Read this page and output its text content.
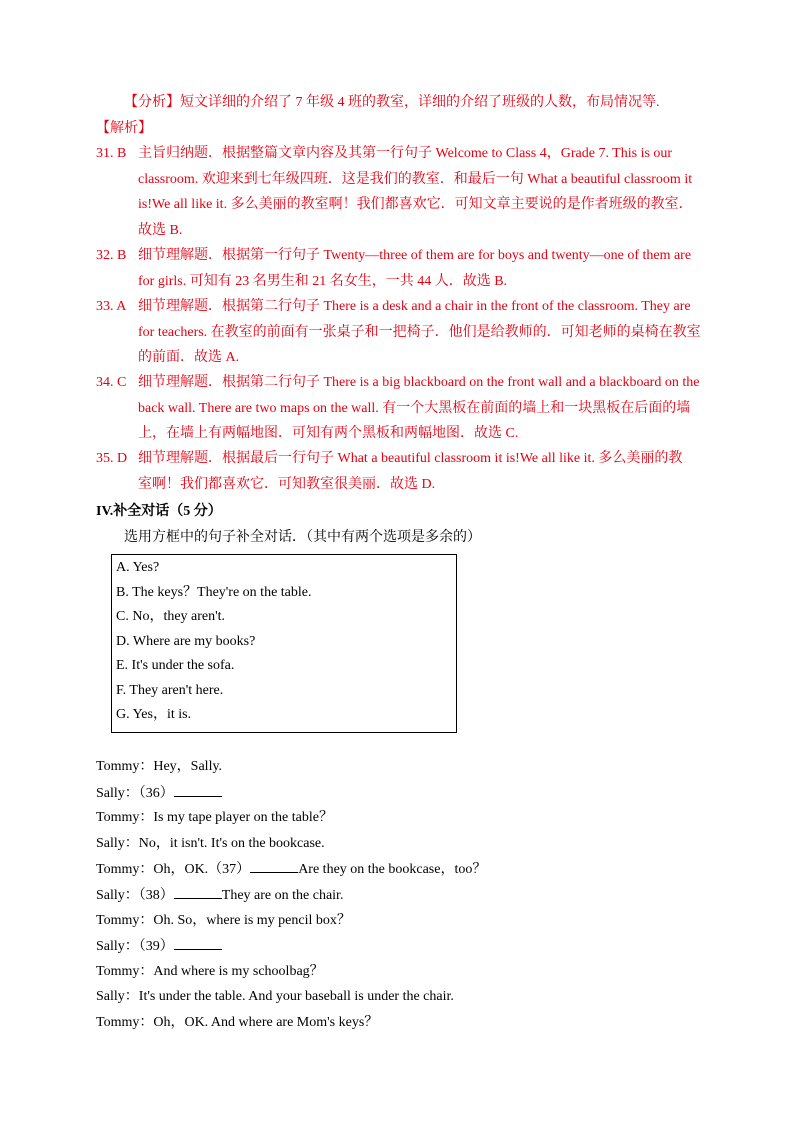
【分析】短文详细的介绍了 7 年级 4 班的教室，详细的介绍了班级的人数，布局情况等.
【解析】
31. B 主旨归纳题．根据整篇文章内容及其第一行句子 Welcome to Class 4，Grade 7. This is our
classroom. 欢迎来到七年级四班．这是我们的教室．和最后一句 What a beautiful classroom it
is!We all like it. 多么美丽的教室啊！我们都喜欢它．可知文章主要说的是作者班级的教室．
故选 B.
32. B 细节理解题．根据第一行句子 Twenty—three of them are for boys and twenty—one of them are
for girls. 可知有 23 名男生和 21 名女生，一共 44 人．故选 B.
33. A 细节理解题．根据第二行句子 There is a desk and a chair in the front of the classroom. They are
for teachers. 在教室的前面有一张桌子和一把椅子．他们是给教师的．可知老师的桌椅在教室
的前面．故选 A.
34. C 细节理解题．根据第二行句子 There is a big blackboard on the front wall and a blackboard on the
back wall. There are two maps on the wall. 有一个大黑板在前面的墙上和一块黑板在后面的墙
上，在墙上有两幅地图．可知有两个黑板和两幅地图．故选 C.
35. D 细节理解题．根据最后一行句子 What a beautiful classroom it is!We all like it. 多么美丽的教
室啊！我们都喜欢它．可知教室很美丽．故选 D.
IV.补全对话（5 分）
选用方框中的句子补全对话．（其中有两个选项是多余的）
A. Yes?
B. The keys？They're on the table.
C. No，they aren't.
D. Where are my books?
E. It's under the sofa.
F. They aren't here.
G. Yes，it is.
Tommy：Hey，Sally.
Sally：（36）
Tommy：Is my tape player on the table？
Sally：No，it isn't. It's on the bookcase.
Tommy：Oh，OK.（37）	Are they on the bookcase，too？
Sally：（38）	They are on the chair.
Tommy：Oh. So，where is my pencil box？
Sally：（39）
Tommy：And where is my schoolbag？
Sally：It's under the table. And your baseball is under the chair.
Tommy：Oh，OK. And where are Mom's keys？
